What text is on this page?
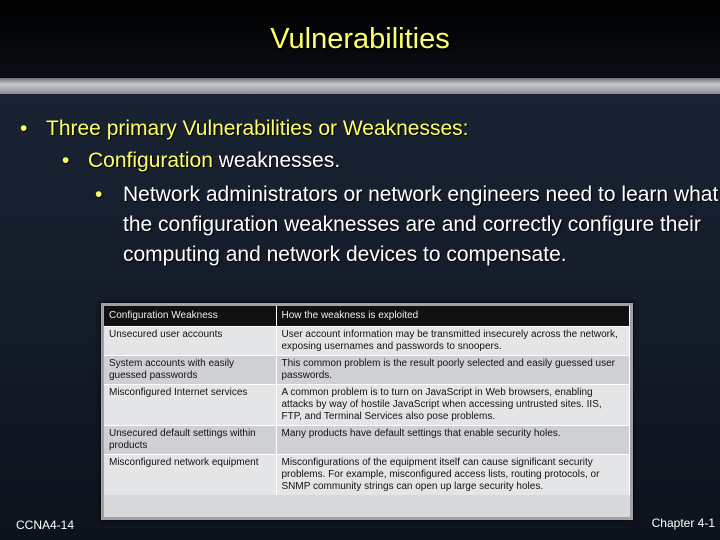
Vulnerabilities
• Three primary Vulnerabilities or Weaknesses:
• Configuration weaknesses.
• Network administrators or network engineers need to learn what the configuration weaknesses are and correctly configure their computing and network devices to compensate.
Configuration Weakness	How the weakness is exploited
Unsecured user accounts	User account information may be transmitted insecurely across the network, exposing usernames and passwords to snoopers.
System accounts with easily guessed passwords	This common problem is the result poorly selected and easily guessed user passwords.
Misconfigured Internet services	A common problem is to turn on JavaScript in Web browsers, enabling attacks by way of hostile JavaScript when accessing untrusted sites. IIS, FTP, and Terminal Services also pose problems.
Unsecured default settings within products	Many products have default settings that enable security holes.
Misconfigured network equipment	Misconfigurations of the equipment itself can cause significant security problems. For example, misconfigured access lists, routing protocols, or SNMP community strings can open up large security holes.
CCNA4-14	Chapter 4-1
